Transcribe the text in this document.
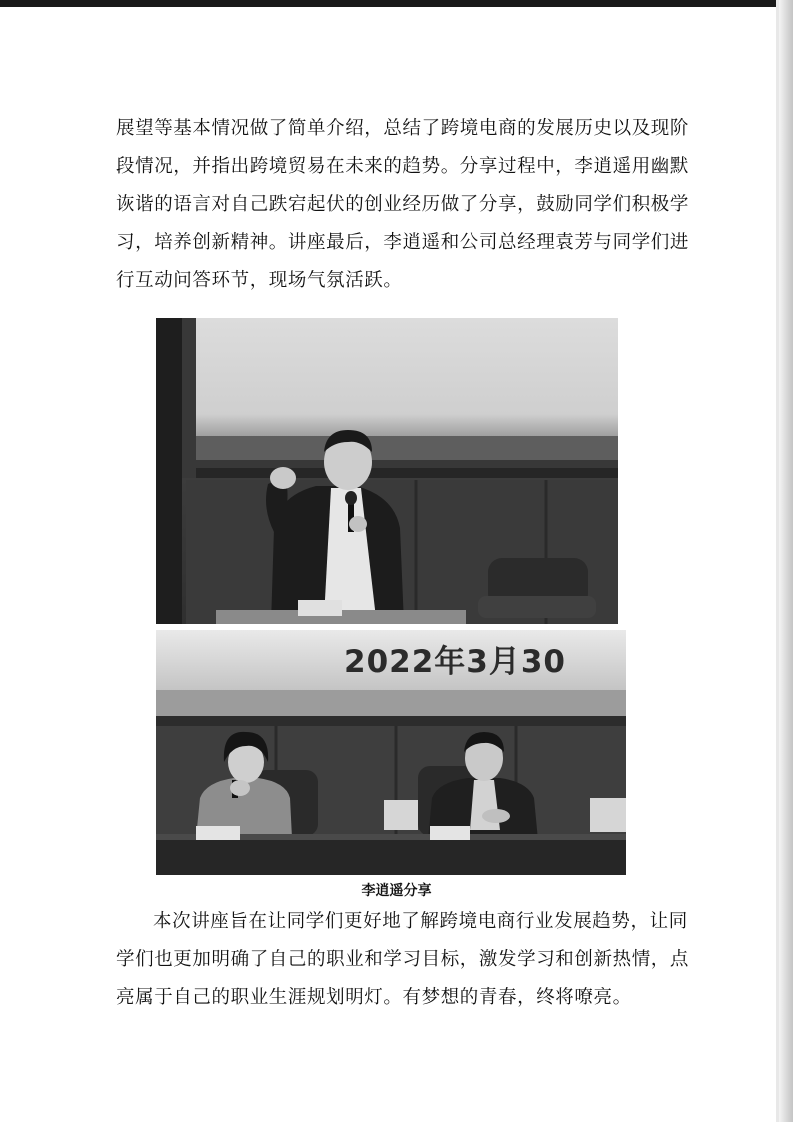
展望等基本情况做了简单介绍，总结了跨境电商的发展历史以及现阶
段情况，并指出跨境贸易在未来的趋势。分享过程中，李逍遥用幽默
诙谐的语言对自己跌宕起伏的创业经历做了分享，鼓励同学们积极学
习，培养创新精神。讲座最后，李逍遥和公司总经理袁芳与同学们进
行互动问答环节，现场气氛活跃。
2022年3月30
李逍遥分享
本次讲座旨在让同学们更好地了解跨境电商行业发展趋势，让同
学们也更加明确了自己的职业和学习目标，激发学习和创新热情，点
亮属于自己的职业生涯规划明灯。有梦想的青春，终将嘹亮。
